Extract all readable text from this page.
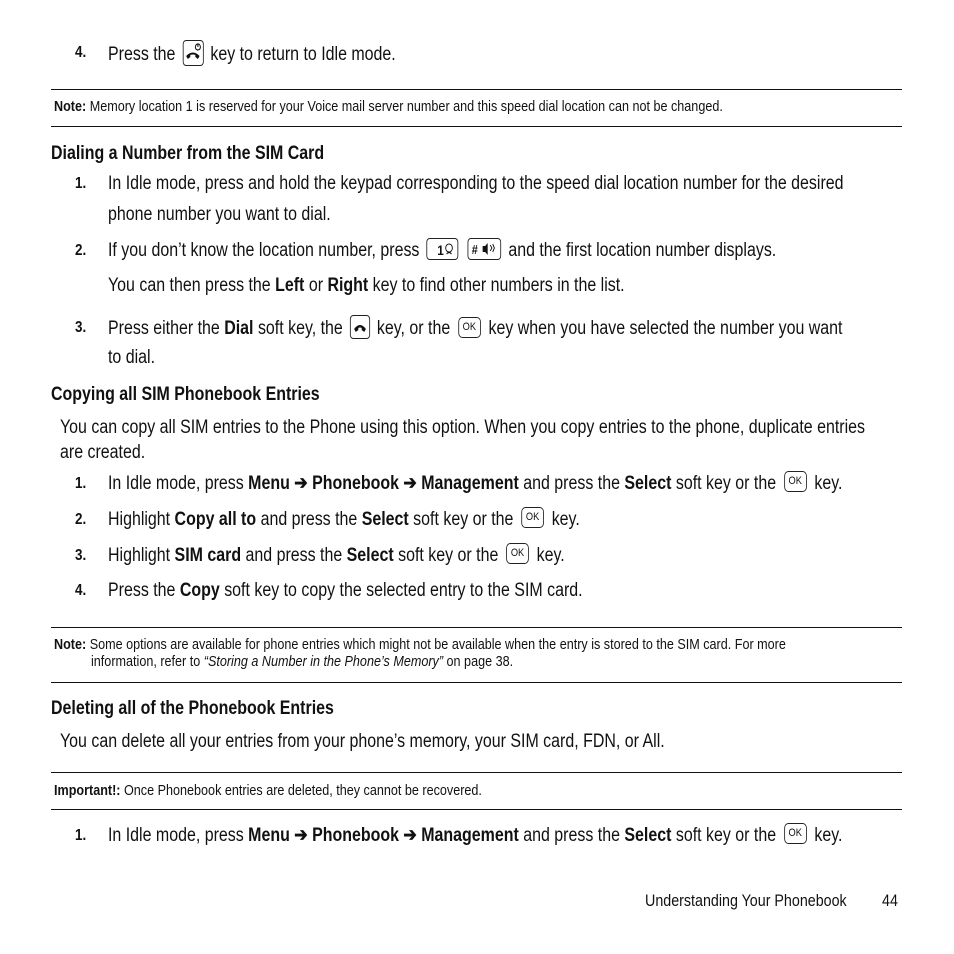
4. Press the key to return to Idle mode.
Note: Memory location 1 is reserved for your Voice mail server number and this speed dial location can not be changed.
Dialing a Number from the SIM Card
1. In Idle mode, press and hold the keypad corresponding to the speed dial location number for the desired
phone number you want to dial.
2. If you don’t know the location number, press 1
# and the first location number displays.
You can then press the Left or Right key to find other numbers in the list.
3. Press either the Dial soft key, the key, or the OK key when you have selected the number you want
to dial.
Copying all SIM Phonebook Entries
You can copy all SIM entries to the Phone using this option. When you copy entries to the phone, duplicate entries
are created.
1. In Idle mode, press Menu ➔ Phonebook ➔ Management and press the Select soft key or the OK key.
2. Highlight Copy all to and press the Select soft key or the OK key.
3. Highlight SIM card and press the Select soft key or the OK key.
4. Press the Copy soft key to copy the selected entry to the SIM card.
Note: Some options are available for phone entries which might not be available when the entry is stored to the SIM card. For more
information, refer to “Storing a Number in the Phone’s Memory” on page 38.
Deleting all of the Phonebook Entries
You can delete all your entries from your phone’s memory, your SIM card, FDN, or All.
Important!: Once Phonebook entries are deleted, they cannot be recovered.
1. In Idle mode, press Menu ➔ Phonebook ➔ Management and press the Select soft key or the OK key.
Understanding Your Phonebook	44
